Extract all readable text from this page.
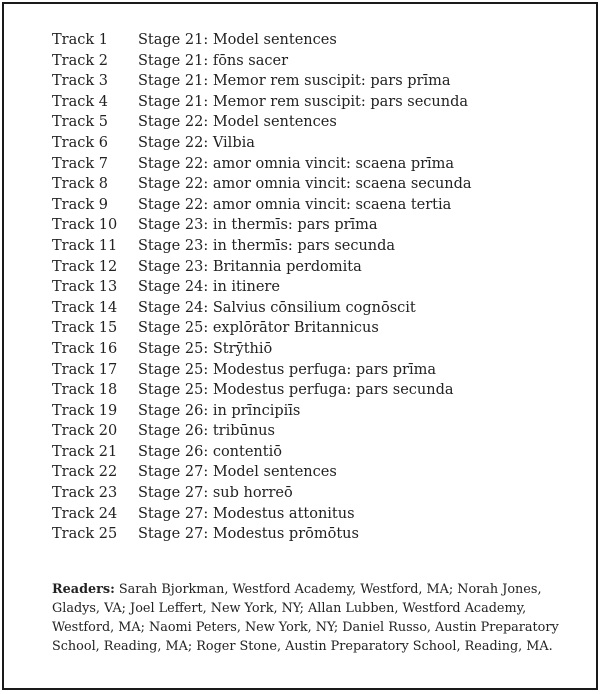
Track 1	Stage 21: Model sentences
Track 2	Stage 21: fōns sacer
Track 3	Stage 21: Memor rem suscipit: pars prīma
Track 4	Stage 21: Memor rem suscipit: pars secunda
Track 5	Stage 22: Model sentences
Track 6	Stage 22: Vilbia
Track 7	Stage 22: amor omnia vincit: scaena prīma
Track 8	Stage 22: amor omnia vincit: scaena secunda
Track 9	Stage 22: amor omnia vincit: scaena tertia
Track 10	Stage 23: in thermīs: pars prīma
Track 11	Stage 23: in thermīs: pars secunda
Track 12	Stage 23: Britannia perdomita
Track 13	Stage 24: in itinere
Track 14	Stage 24: Salvius cōnsilium cognōscit
Track 15	Stage 25: explōrātor Britannicus
Track 16	Stage 25: Strȳthiō
Track 17	Stage 25: Modestus perfuga: pars prīma
Track 18	Stage 25: Modestus perfuga: pars secunda
Track 19	Stage 26: in prīncipiīs
Track 20	Stage 26: tribūnus
Track 21	Stage 26: contentiō
Track 22	Stage 27: Model sentences
Track 23	Stage 27: sub horreō
Track 24	Stage 27: Modestus attonitus
Track 25	Stage 27: Modestus prōmōtus

Readers: Sarah Bjorkman, Westford Academy, Westford, MA; Norah Jones, Gladys, VA; Joel Leffert, New York, NY; Allan Lubben, Westford Academy, Westford, MA; Naomi Peters, New York, NY; Daniel Russo, Austin Preparatory School, Reading, MA; Roger Stone, Austin Preparatory School, Reading, MA.
